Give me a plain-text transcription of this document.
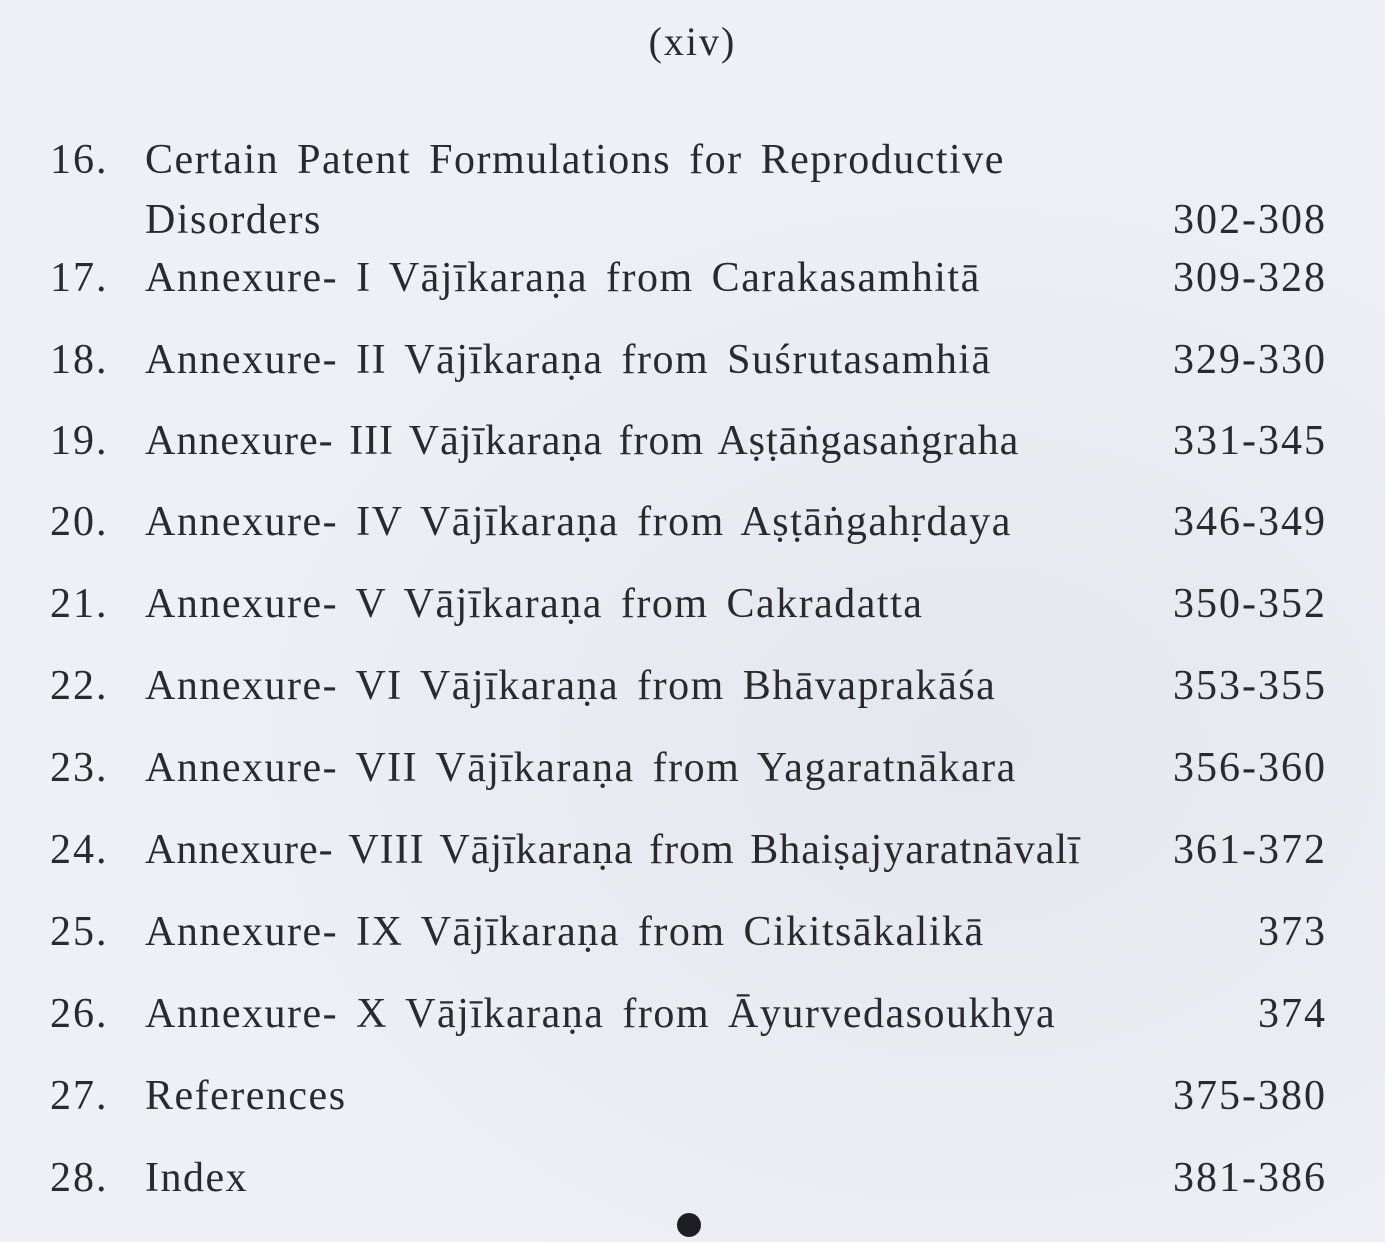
(xiv)
16. Certain Patent Formulations for Reproductive
Disorders	302-308
17. Annexure- I Vājīkaraṇa from Carakasamhitā	309-328
18. Annexure- II Vājīkaraṇa from Suśrutasamhiā	329-330
19. Annexure- III Vājīkaraṇa from Aṣṭāṅgasaṅgraha	331-345
20. Annexure- IV Vājīkaraṇa from Aṣṭāṅgahṛdaya	346-349
21. Annexure- V Vājīkaraṇa from Cakradatta	350-352
22. Annexure- VI Vājīkaraṇa from Bhāvaprakāśa	353-355
23. Annexure- VII Vājīkaraṇa from Yagaratnākara	356-360
24. Annexure- VIII Vājīkaraṇa from Bhaiṣajyaratnāvalī 361-372
25. Annexure- IX Vājīkaraṇa from Cikitsākalikā	373
26. Annexure- X Vājīkaraṇa from Āyurvedasoukhya	374
27. References	375-380
28. Index	381-386
